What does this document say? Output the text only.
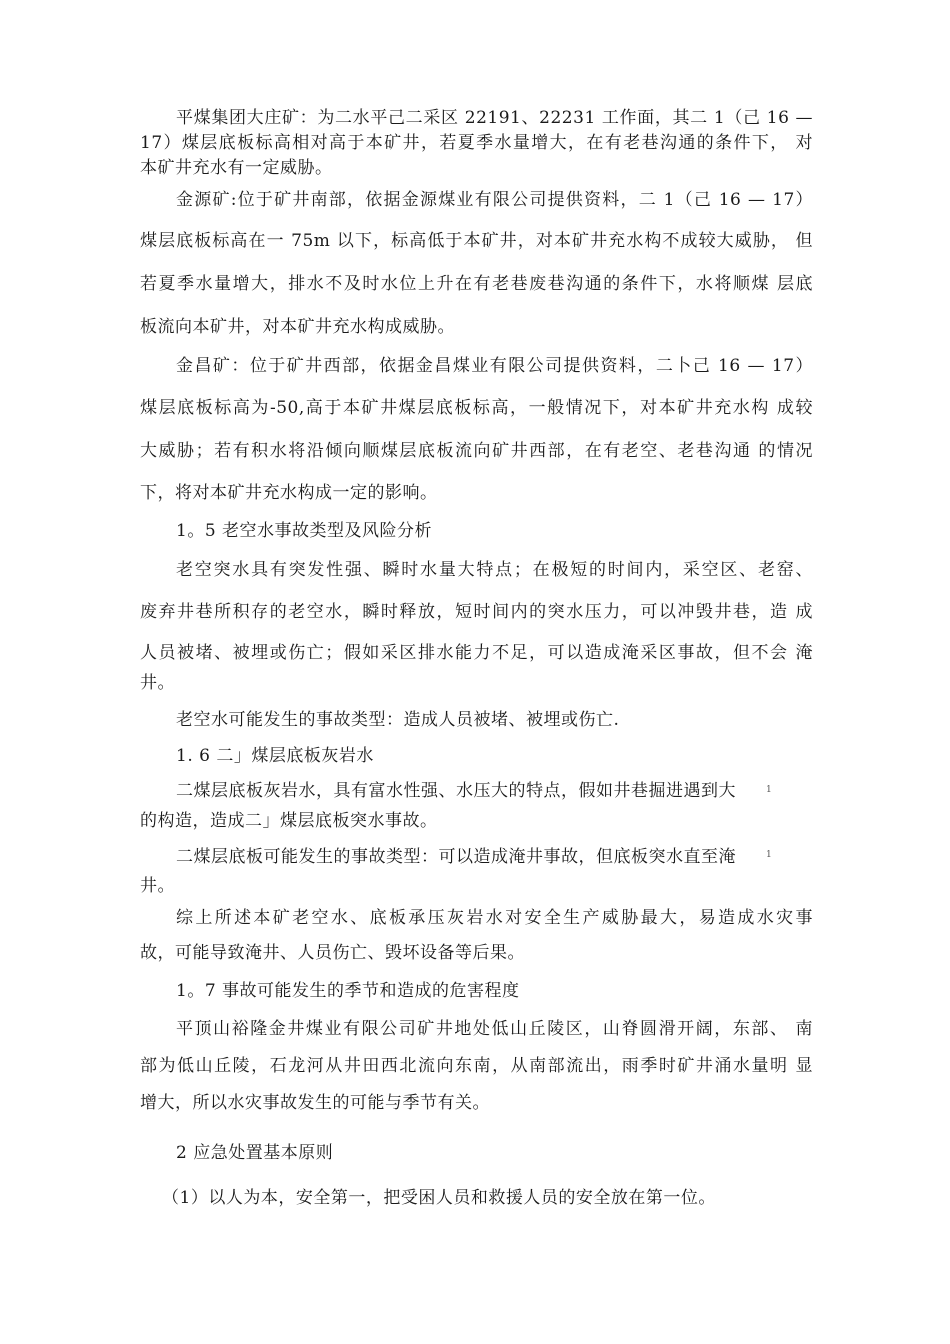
平煤集团大庄矿：为二水平己二采区 22191、22231 工作面，其二 1（己 16 —
17）煤层底板标高相对高于本矿井，若夏季水量增大，在有老巷沟通的条件下， 对
本矿井充水有一定威胁。
金源矿:位于矿井南部，依据金源煤业有限公司提供资料，二 1（己 16 — 17）
煤层底板标高在一 75m 以下，标高低于本矿井，对本矿井充水构不成较大威胁， 但
若夏季水量增大，排水不及时水位上升在有老巷废巷沟通的条件下，水将顺煤 层底
板流向本矿井，对本矿井充水构成威胁。
金昌矿：位于矿井西部，依据金昌煤业有限公司提供资料，二卜己 16 — 17）
煤层底板标高为-50,高于本矿井煤层底板标高，一般情况下，对本矿井充水构 成较
大威胁；若有积水将沿倾向顺煤层底板流向矿井西部，在有老空、老巷沟通 的情况
下，将对本矿井充水构成一定的影响。
1。5 老空水事故类型及风险分析
老空突水具有突发性强、瞬时水量大特点；在极短的时间内，采空区、老窑、
废弃井巷所积存的老空水，瞬时释放，短时间内的突水压力，可以冲毁井巷，造 成
人员被堵、被埋或伤亡；假如采区排水能力不足，可以造成淹采区事故，但不会 淹
井。
老空水可能发生的事故类型：造成人员被堵、被埋或伤亡.
1. 6 二」煤层底板灰岩水
二煤层底板灰岩水，具有富水性强、水压大的特点，假如井巷掘进遇到大	1
的构造，造成二」煤层底板突水事故。
二煤层底板可能发生的事故类型：可以造成淹井事故，但底板突水直至淹	1
井。
综上所述本矿老空水、底板承压灰岩水对安全生产威胁最大，易造成水灾事
故，可能导致淹井、人员伤亡、毁坏设备等后果。
1。7 事故可能发生的季节和造成的危害程度
平顶山裕隆金井煤业有限公司矿井地处低山丘陵区，山脊圆滑开阔，东部、 南
部为低山丘陵，石龙河从井田西北流向东南，从南部流出，雨季时矿井涌水量明 显
增大，所以水灾事故发生的可能与季节有关。
2 应急处置基本原则
（1）以人为本，安全第一，把受困人员和救援人员的安全放在第一位。
